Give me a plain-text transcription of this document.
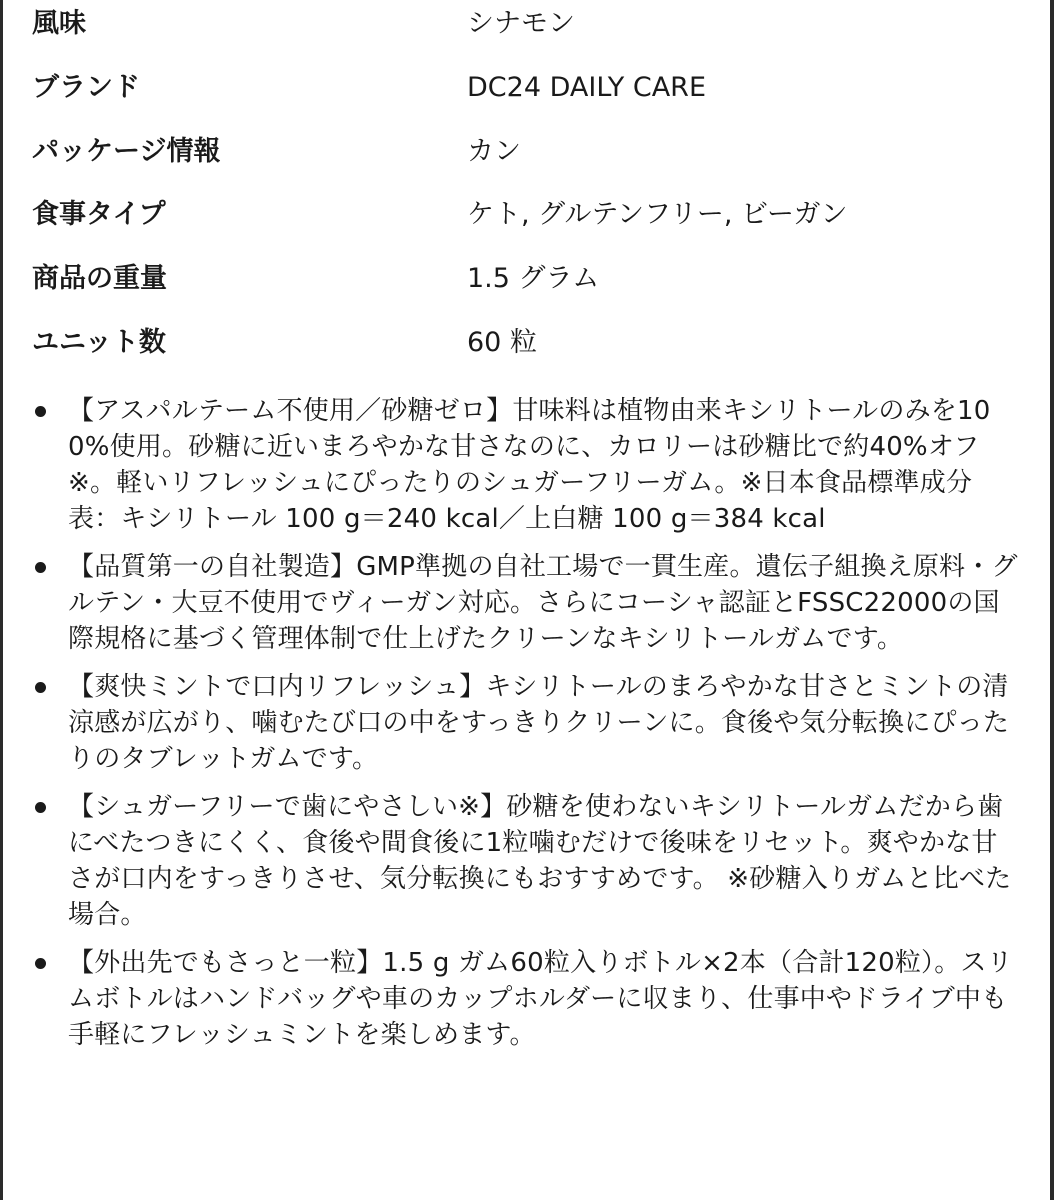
風味	シナモン
ブランド	DC24 DAILY CARE
パッケージ情報	カン
食事タイプ	ケト, グルテンフリー, ビーガン
商品の重量	1.5 グラム
ユニット数	60 粒
【アスパルテーム不使用／砂糖ゼロ】甘味料は植物由来キシリトールのみを100%使用。砂糖に近いまろやかな甘さなのに、カロリーは砂糖比で約40%オフ※。軽いリフレッシュにぴったりのシュガーフリーガム。※日本食品標準成分表：キシリトール 100 g＝240 kcal／上白糖 100 g＝384 kcal
【品質第一の自社製造】GMP準拠の自社工場で一貫生産。遺伝子組換え原料・グルテン・大豆不使用でヴィーガン対応。さらにコーシャ認証とFSSC22000の国際規格に基づく管理体制で仕上げたクリーンなキシリトールガムです。
【爽快ミントで口内リフレッシュ】キシリトールのまろやかな甘さとミントの清涼感が広がり、噛むたび口の中をすっきりクリーンに。食後や気分転換にぴったりのタブレットガムです。
【シュガーフリーで歯にやさしい※】砂糖を使わないキシリトールガムだから歯にべたつきにくく、食後や間食後に1粒噛むだけで後味をリセット。爽やかな甘さが口内をすっきりさせ、気分転換にもおすすめです。 ※砂糖入りガムと比べた場合。
【外出先でもさっと一粒】1.5 g ガム60粒入りボトル×2本（合計120粒）。スリムボトルはハンドバッグや車のカップホルダーに収まり、仕事中やドライブ中も手軽にフレッシュミントを楽しめます。
